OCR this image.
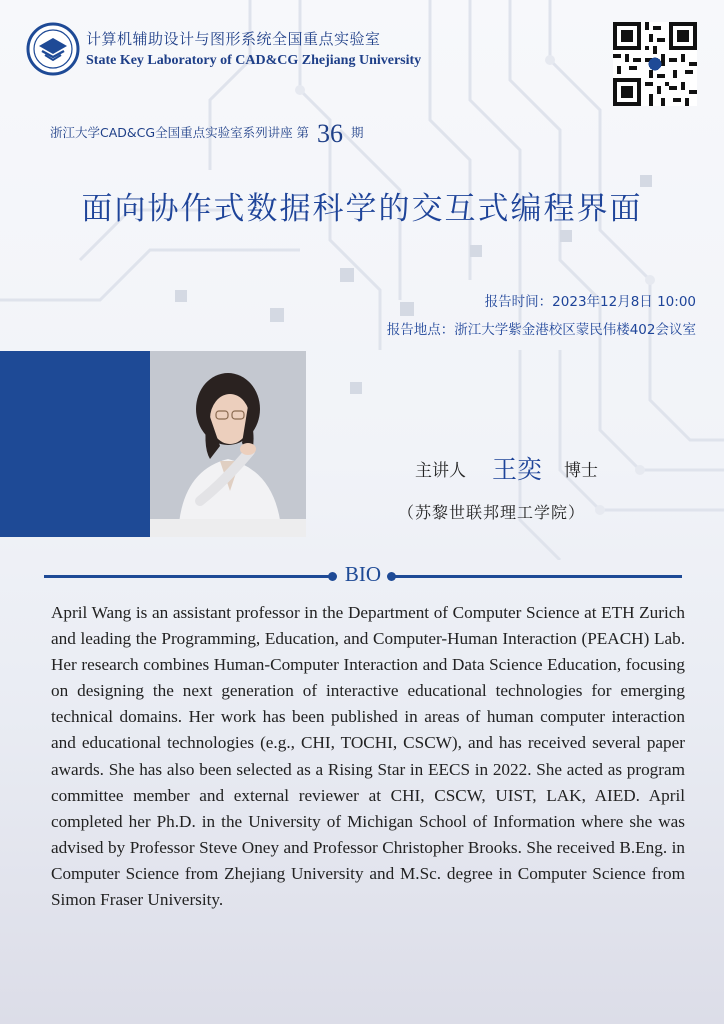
计算机辅助设计与图形系统全国重点实验室
State Key Laboratory of CAD&CG Zhejiang University
浙江大学CAD&CG全国重点实验室系列讲座 第 36 期
面向协作式数据科学的交互式编程界面
报告时间：2023年12月8日 10:00
报告地点：浙江大学紫金港校区蒙民伟楼402会议室
主讲人 王奕 博士
（苏黎世联邦理工学院）
BIO
April Wang is an assistant professor in the Department of Computer Science at ETH Zurich and leading the Programming, Education, and Computer-Human Interaction (PEACH) Lab. Her research combines Human-Computer Interaction and Data Science Education, focusing on designing the next generation of interactive educational technologies for emerging technical domains. Her work has been published in areas of human computer interaction and educational technologies (e.g., CHI, TOCHI, CSCW), and has received several paper awards. She has also been selected as a Rising Star in EECS in 2022. She acted as program committee member and external reviewer at CHI, CSCW, UIST, LAK, AIED. April completed her Ph.D. in the University of Michigan School of Information where she was advised by Professor Steve Oney and Professor Christopher Brooks. She received B.Eng. in Computer Science from Zhejiang University and M.Sc. degree in Computer Science from Simon Fraser University.
